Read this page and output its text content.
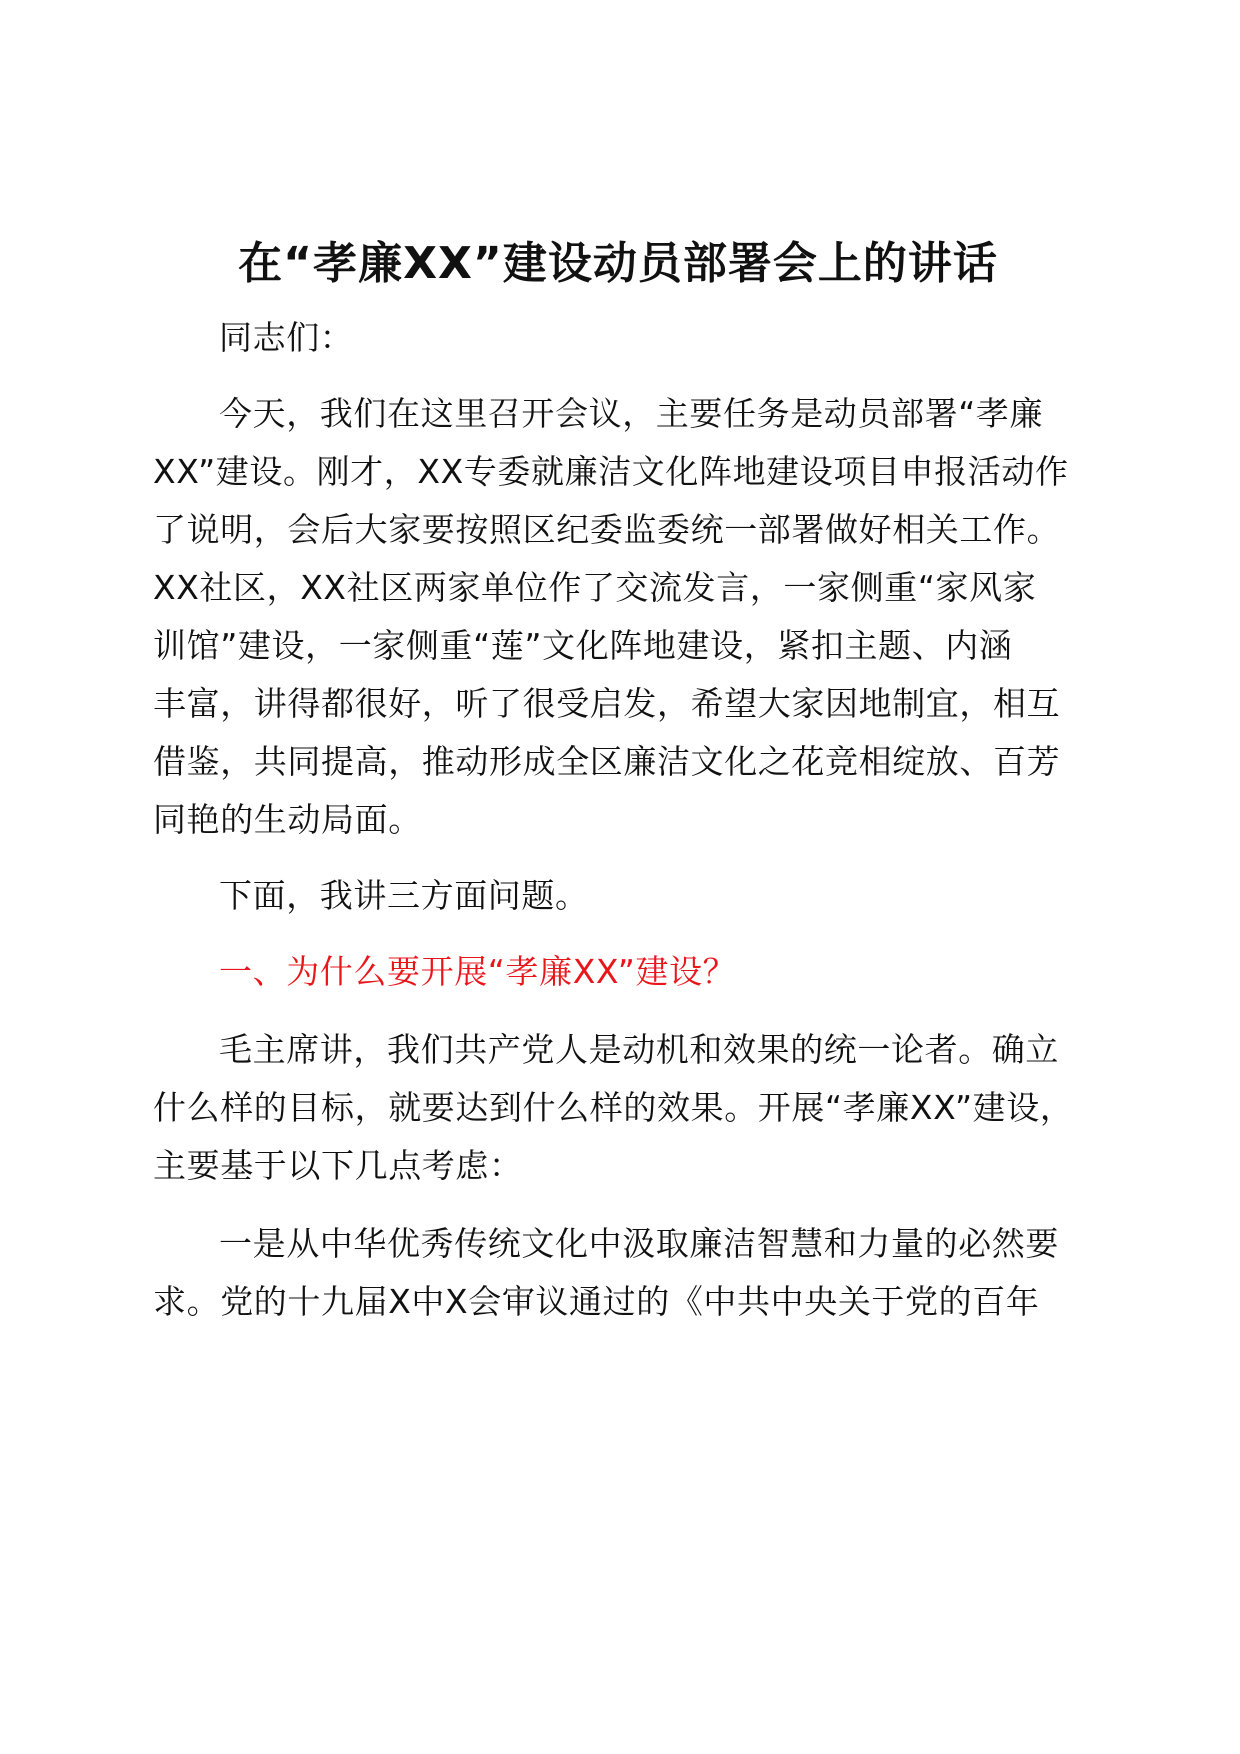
在“孝廉XX”建设动员部署会上的讲话
同志们：
今天，我们在这里召开会议，主要任务是动员部署“孝廉
XX”建设。刚才，XX专委就廉洁文化阵地建设项目申报活动作
了说明，会后大家要按照区纪委监委统一部署做好相关工作。
XX社区，XX社区两家单位作了交流发言，一家侧重“家风家
训馆”建设，一家侧重“莲”文化阵地建设，紧扣主题、内涵
丰富，讲得都很好，听了很受启发，希望大家因地制宜，相互
借鉴，共同提高，推动形成全区廉洁文化之花竞相绽放、百芳
同艳的生动局面。
下面，我讲三方面问题。
一、为什么要开展“孝廉XX”建设？
毛主席讲，我们共产党人是动机和效果的统一论者。确立
什么样的目标，就要达到什么样的效果。开展“孝廉XX”建设，
主要基于以下几点考虑：
一是从中华优秀传统文化中汲取廉洁智慧和力量的必然要
求。党的十九届X中X会审议通过的《中共中央关于党的百年
